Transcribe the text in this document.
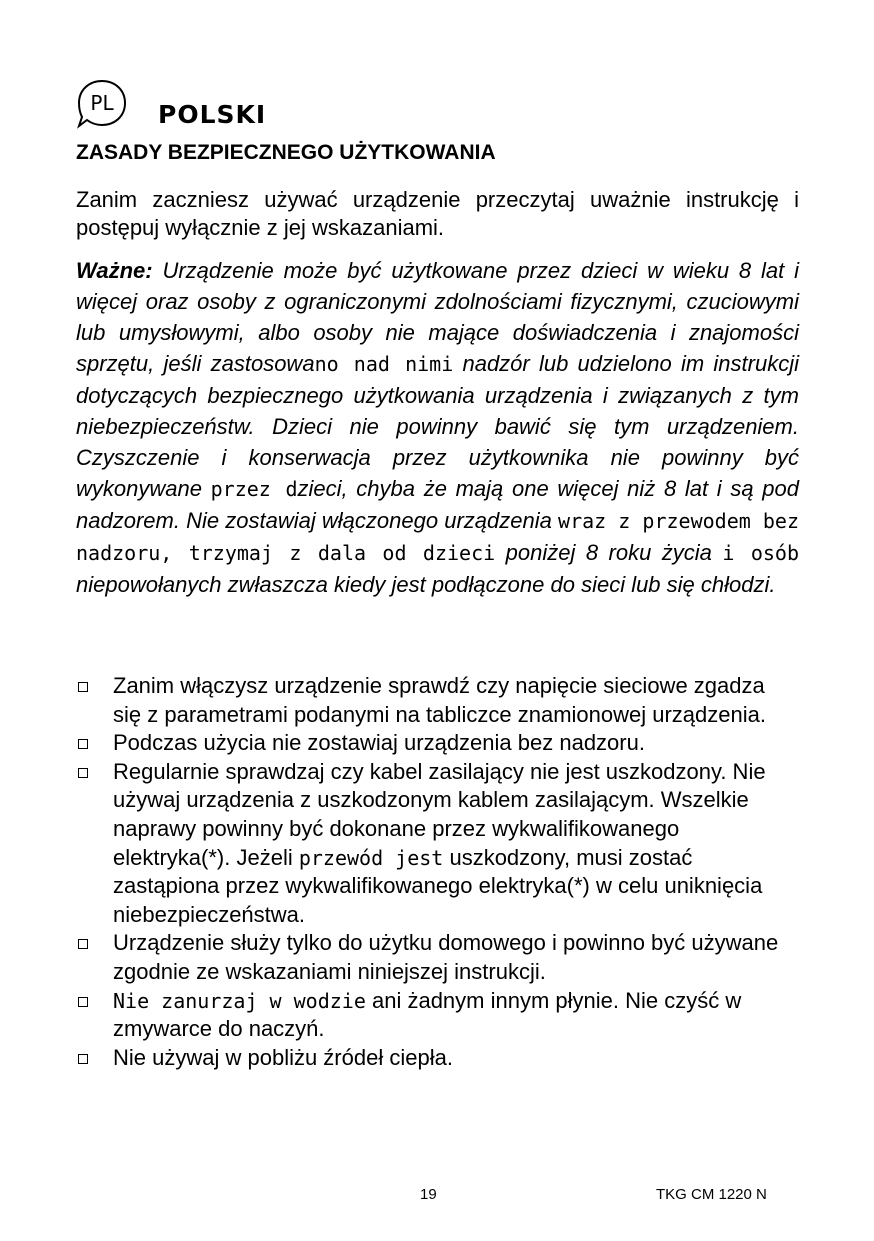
PL POLSKI
ZASADY BEZPIECZNEGO UŻYTKOWANIA

Zanim zaczniesz używać urządzenie przeczytaj uważnie instrukcję i postępuj wyłącznie z jej wskazaniami.

Ważne: Urządzenie może być użytkowane przez dzieci w wieku 8 lat i więcej oraz osoby z ograniczonymi zdolnościami fizycznymi, czuciowymi lub umysłowymi, albo osoby nie mające doświadczenia i znajomości sprzętu, jeśli zastosowano nad nimi nadzór lub udzielono im instrukcji dotyczących bezpiecznego użytkowania urządzenia i związanych z tym niebezpieczeństw. Dzieci nie powinny bawić się tym urządzeniem. Czyszczenie i konserwacja przez użytkownika nie powinny być wykonywane przez dzieci, chyba że mają one więcej niż 8 lat i są pod nadzorem. Nie zostawiaj włączonego urządzenia wraz z przewodem bez nadzoru, trzymaj z dala od dzieci poniżej 8 roku życia i osób niepowołanych zwłaszcza kiedy jest podłączone do sieci lub się chłodzi.

Zanim włączysz urządzenie sprawdź czy napięcie sieciowe zgadza się z parametrami podanymi na tabliczce znamionowej urządzenia.
Podczas użycia nie zostawiaj urządzenia bez nadzoru.
Regularnie sprawdzaj czy kabel zasilający nie jest uszkodzony. Nie używaj urządzenia z uszkodzonym kablem zasilającym. Wszelkie naprawy powinny być dokonane przez wykwalifikowanego elektryka(*). Jeżeli przewód jest uszkodzony, musi zostać zastąpiona przez wykwalifikowanego elektryka(*) w celu uniknięcia niebezpieczeństwa.
Urządzenie służy tylko do użytku domowego i powinno być używane zgodnie ze wskazaniami niniejszej instrukcji.
Nie zanurzaj w wodzie ani żadnym innym płynie. Nie czyść w zmywarce do naczyń.
Nie używaj w pobliżu źródeł ciepła.
19	TKG CM 1220 N
